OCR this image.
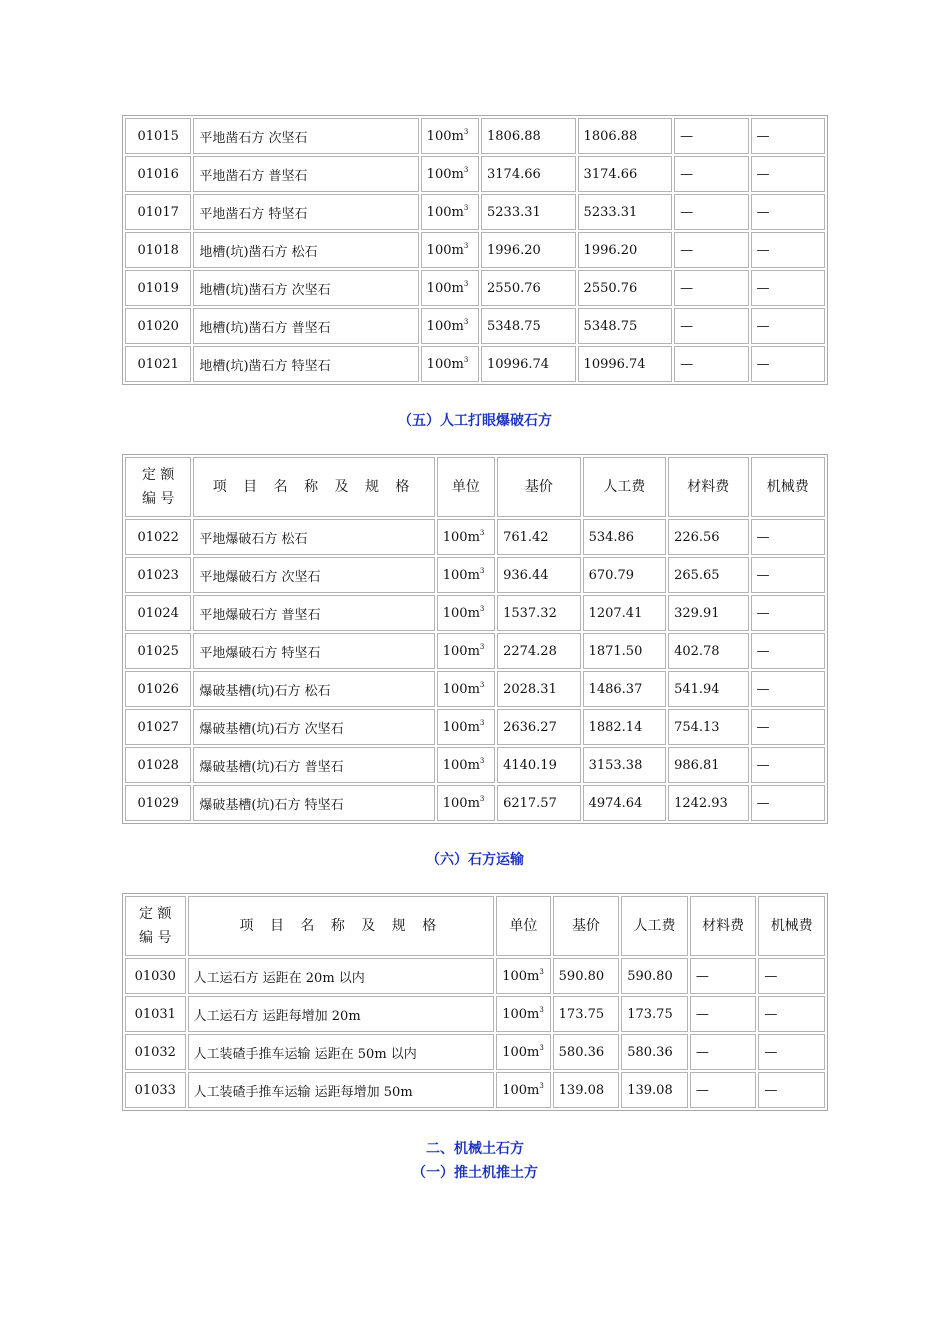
01015	平地凿石方 次坚石	$100m^3$	1806.88	1806.88	—	—
01016	平地凿石方 普坚石	$100m^3$	3174.66	3174.66	—	—
01017	平地凿石方 特坚石	$100m^3$	5233.31	5233.31	—	—
01018	地槽(坑)凿石方 松石	$100m^3$	1996.20	1996.20	—	—
01019	地槽(坑)凿石方 次坚石	$100m^3$	2550.76	2550.76	—	—
01020	地槽(坑)凿石方 普坚石	$100m^3$	5348.75	5348.75	—	—
01021	地槽(坑)凿石方 特坚石	$100m^3$	10996.74	10996.74	—	—
（五）人工打眼爆破石方
定 额
编 号	项 目 名 称 及 规 格	单位	基价	人工费	材料费	机械费
01022	平地爆破石方 松石	$100m^3$	761.42	534.86	226.56	—
01023	平地爆破石方 次坚石	$100m^3$	936.44	670.79	265.65	—
01024	平地爆破石方 普坚石	$100m^3$	1537.32	1207.41	329.91	—
01025	平地爆破石方 特坚石	$100m^3$	2274.28	1871.50	402.78	—
01026	爆破基槽(坑)石方 松石	$100m^3$	2028.31	1486.37	541.94	—
01027	爆破基槽(坑)石方 次坚石	$100m^3$	2636.27	1882.14	754.13	—
01028	爆破基槽(坑)石方 普坚石	$100m^3$	4140.19	3153.38	986.81	—
01029	爆破基槽(坑)石方 特坚石	$100m^3$	6217.57	4974.64	1242.93	—
（六）石方运输
定 额
编 号	项 目 名 称 及 规 格	单位	基价	人工费	材料费	机械费
01030	人工运石方 运距在 20m 以内	$100m^3$	590.80	590.80	—	—
01031	人工运石方 运距每增加 20m	$100m^3$	173.75	173.75	—	—
01032	人工装碴手推车运输 运距在 50m 以内	$100m^3$	580.36	580.36	—	—
01033	人工装碴手推车运输 运距每增加 50m	$100m^3$	139.08	139.08	—	—
二、机械土石方
（一）推土机推土方
